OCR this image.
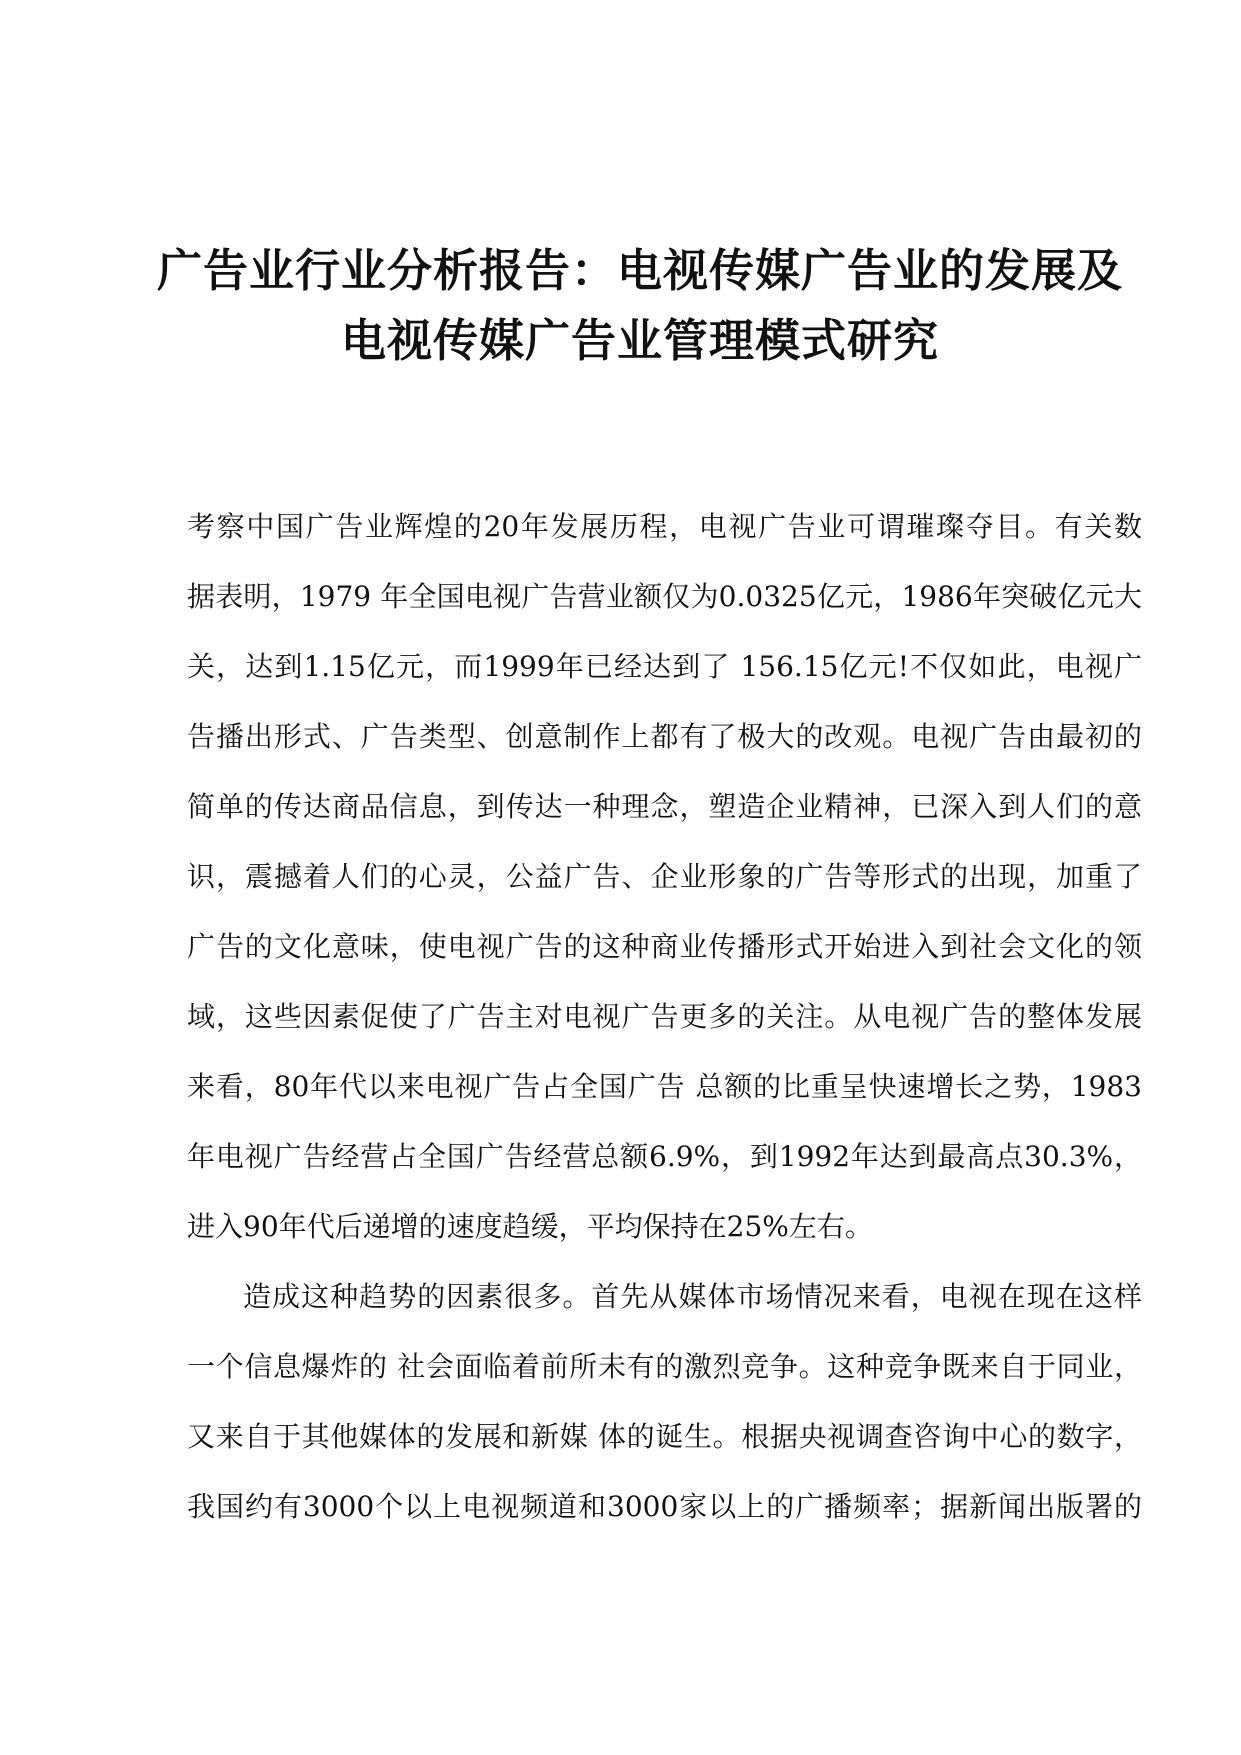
广告业行业分析报告：电视传媒广告业的发展及
电视传媒广告业管理模式研究
考察中国广告业辉煌的20年发展历程，电视广告业可谓璀璨夺目。有关数
据表明，1979 年全国电视广告营业额仅为0.0325亿元，1986年突破亿元大
关，达到1.15亿元，而1999年已经达到了 156.15亿元!不仅如此，电视广
告播出形式、广告类型、创意制作上都有了极大的改观。电视广告由最初的
简单的传达商品信息，到传达一种理念，塑造企业精神，已深入到人们的意
识，震撼着人们的心灵，公益广告、企业形象的广告等形式的出现，加重了
广告的文化意味，使电视广告的这种商业传播形式开始进入到社会文化的领
域，这些因素促使了广告主对电视广告更多的关注。从电视广告的整体发展
来看，80年代以来电视广告占全国广告 总额的比重呈快速增长之势，1983
年电视广告经营占全国广告经营总额6.9%，到1992年达到最高点30.3%，
进入90年代后递增的速度趋缓，平均保持在25%左右。
造成这种趋势的因素很多。首先从媒体市场情况来看，电视在现在这样
一个信息爆炸的 社会面临着前所未有的激烈竞争。这种竞争既来自于同业，
又来自于其他媒体的发展和新媒 体的诞生。根据央视调查咨询中心的数字，
我国约有3000个以上电视频道和3000家以上的广播频率；据新闻出版署的
